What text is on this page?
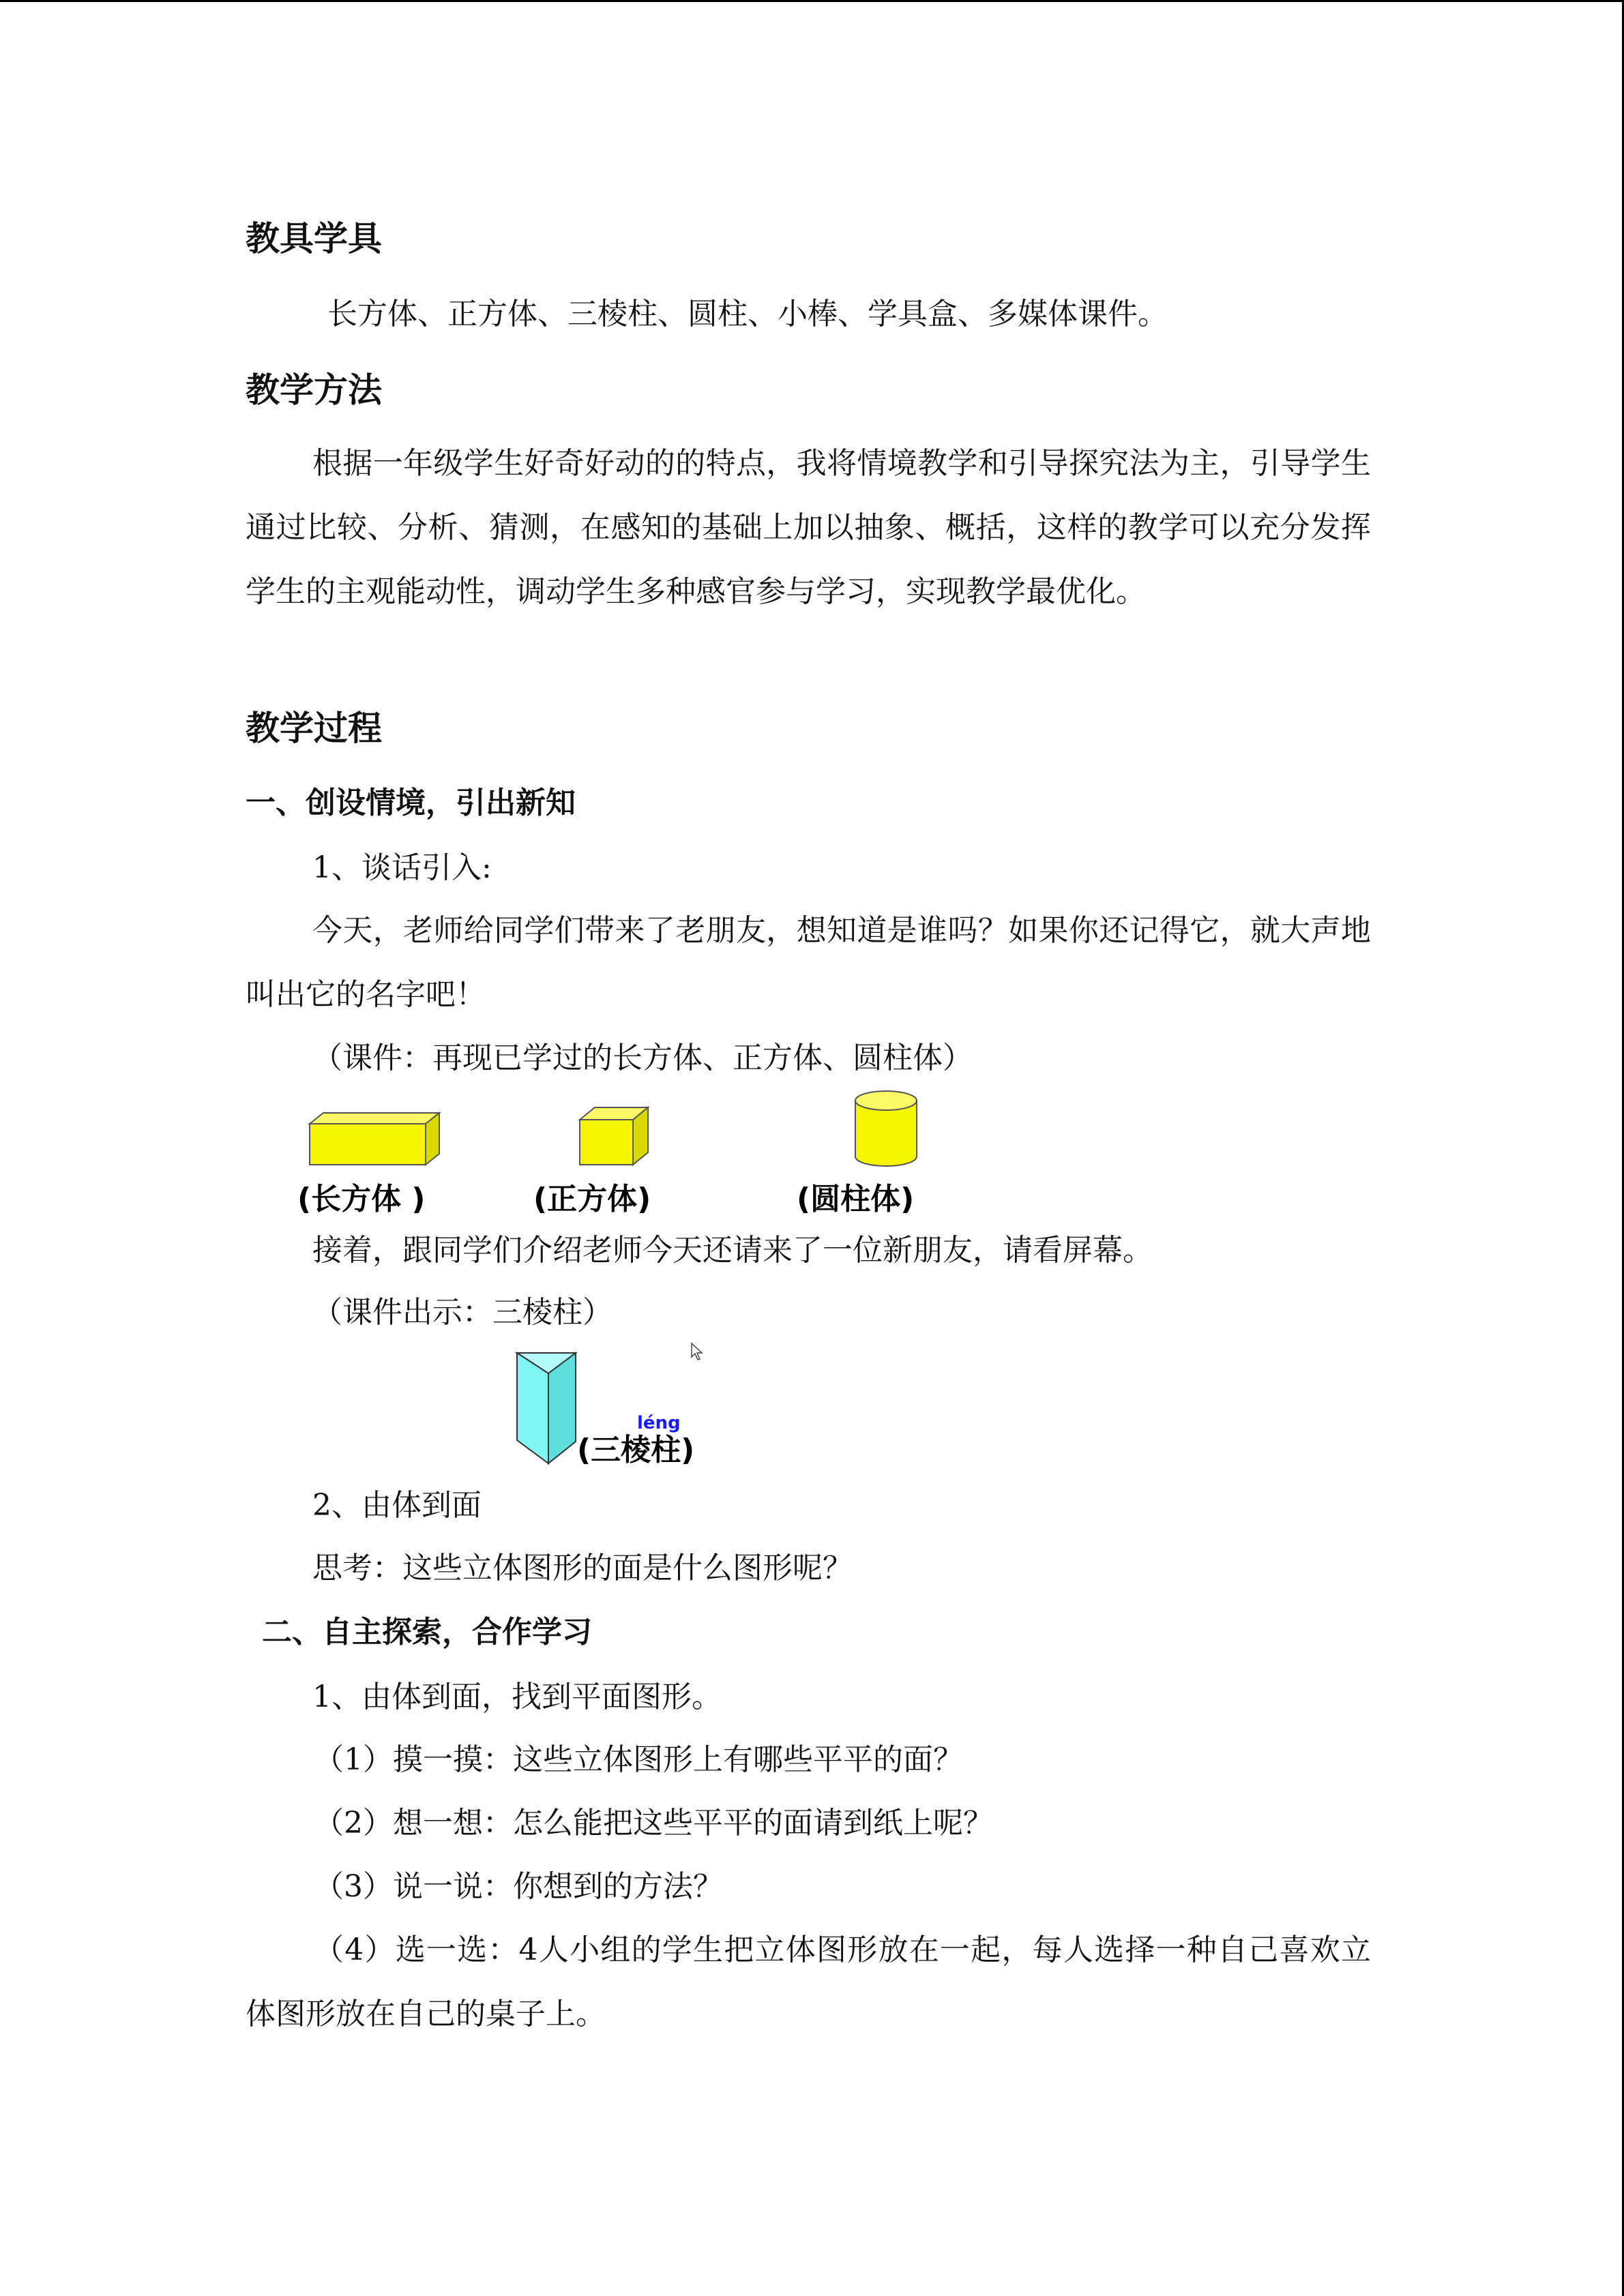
教具学具

长方体、正方体、三棱柱、圆柱、小棒、学具盒、多媒体课件。

教学方法

根据一年级学生好奇好动的的特点，我将情境教学和引导探究法为主，引导学生通过比较、分析、猜测，在感知的基础上加以抽象、概括，这样的教学可以充分发挥学生的主观能动性，调动学生多种感官参与学习，实现教学最优化。

教学过程
一、创设情境，引出新知

1、谈话引入:

今天，老师给同学们带来了老朋友，想知道是谁吗？如果你还记得它，就大声地叫出它的名字吧！

（课件：再现已学过的长方体、正方体、圆柱体）

(长方体 )	(正方体)	(圆柱体)

接着，跟同学们介绍老师今天还请来了一位新朋友，请看屏幕。

（课件出示：三棱柱）

léng
(三棱柱)

2、由体到面

思考：这些立体图形的面是什么图形呢？

二、自主探索，合作学习

1、由体到面，找到平面图形。

（1）摸一摸：这些立体图形上有哪些平平的面？

（2）想一想：怎么能把这些平平的面请到纸上呢？

（3）说一说：你想到的方法？

（4）选一选：4人小组的学生把立体图形放在一起，每人选择一种自己喜欢立体图形放在自己的桌子上。
